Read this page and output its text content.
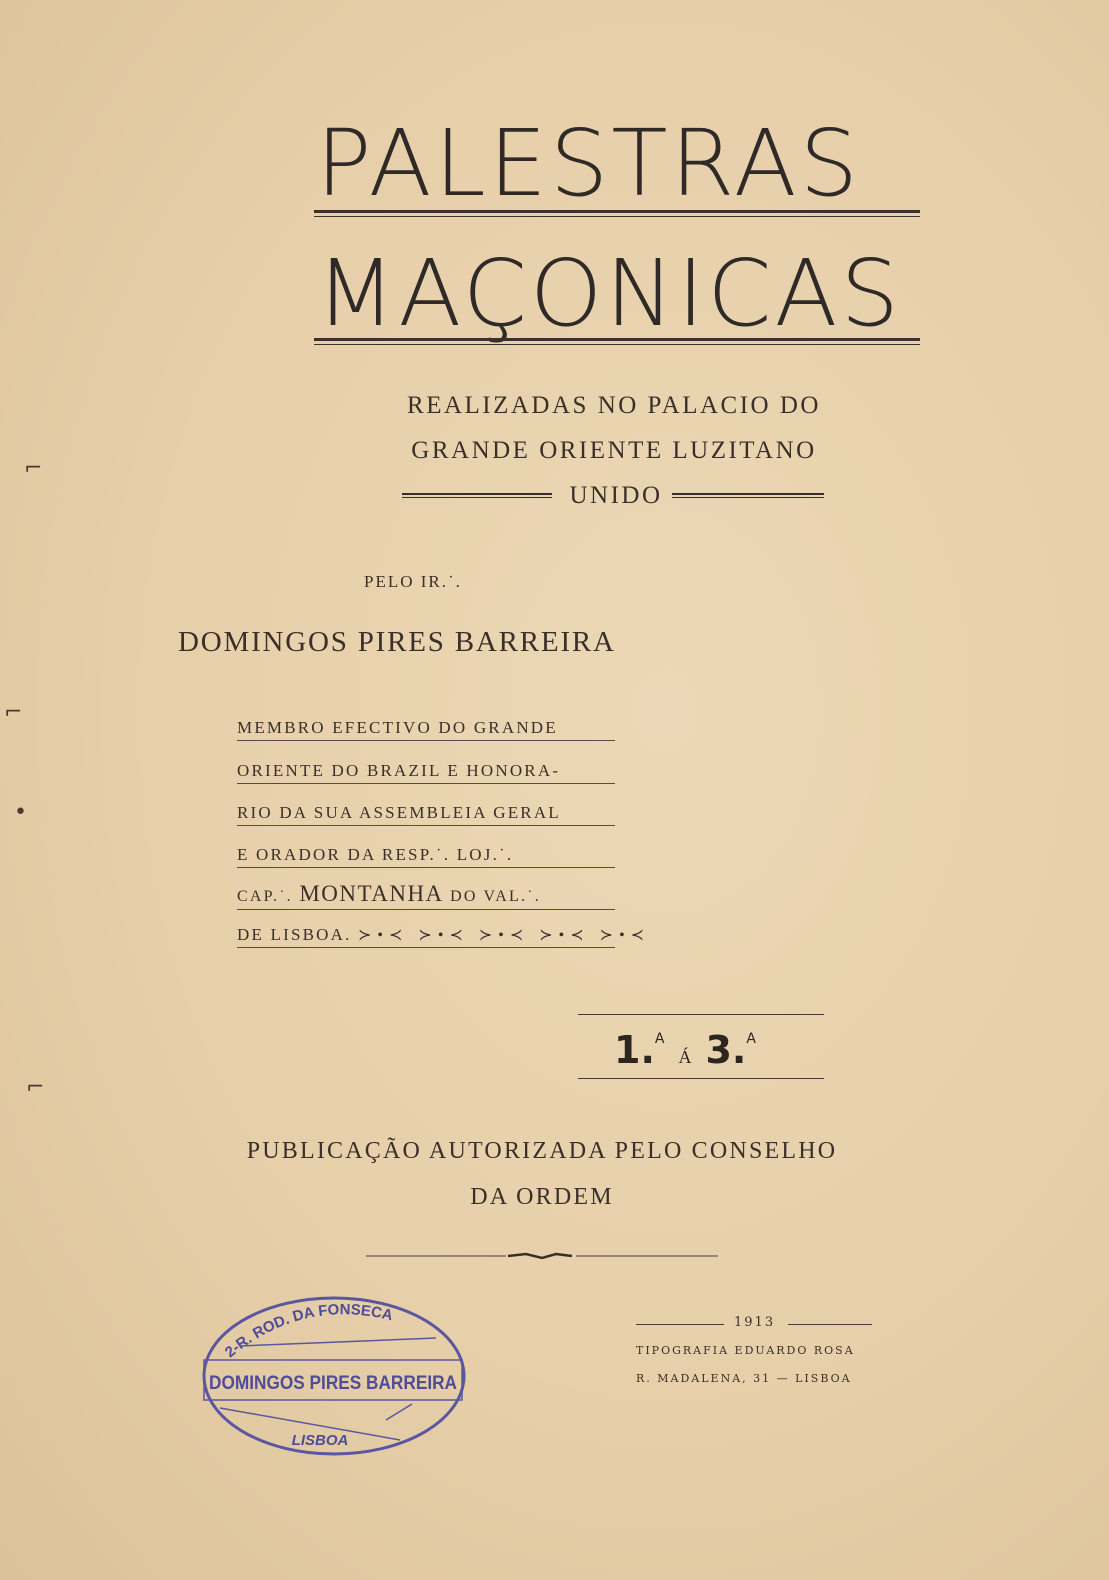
PALESTRAS
MAÇONICAS
REALIZADAS NO PALACIO DO
GRANDE ORIENTE LUZITANO
UNIDO
PELO IR.˙.
DOMINGOS PIRES BARREIRA
MEMBRO EFECTIVO DO GRANDE
ORIENTE DO BRAZIL E HONORA-
RIO DA SUA ASSEMBLEIA GERAL
E ORADOR DA RESP.˙. LOJ.˙.
CAP.˙. MONTANHA DO VAL.˙.
DE LISBOA. ≻•≺ ≻•≺ ≻•≺ ≻•≺ ≻•≺
1.$^A$Á 3.$^A$
PUBLICAÇÃO AUTORIZADA PELO CONSELHO
DA ORDEM
1913
TIPOGRAFIA EDUARDO ROSA
R. MADALENA, 31 — LISBOA
2-R. ROD. DA FONSECA
DOMINGOS PIRES BARREIRA
LISBOA
⌐
⌐
•
⌐
